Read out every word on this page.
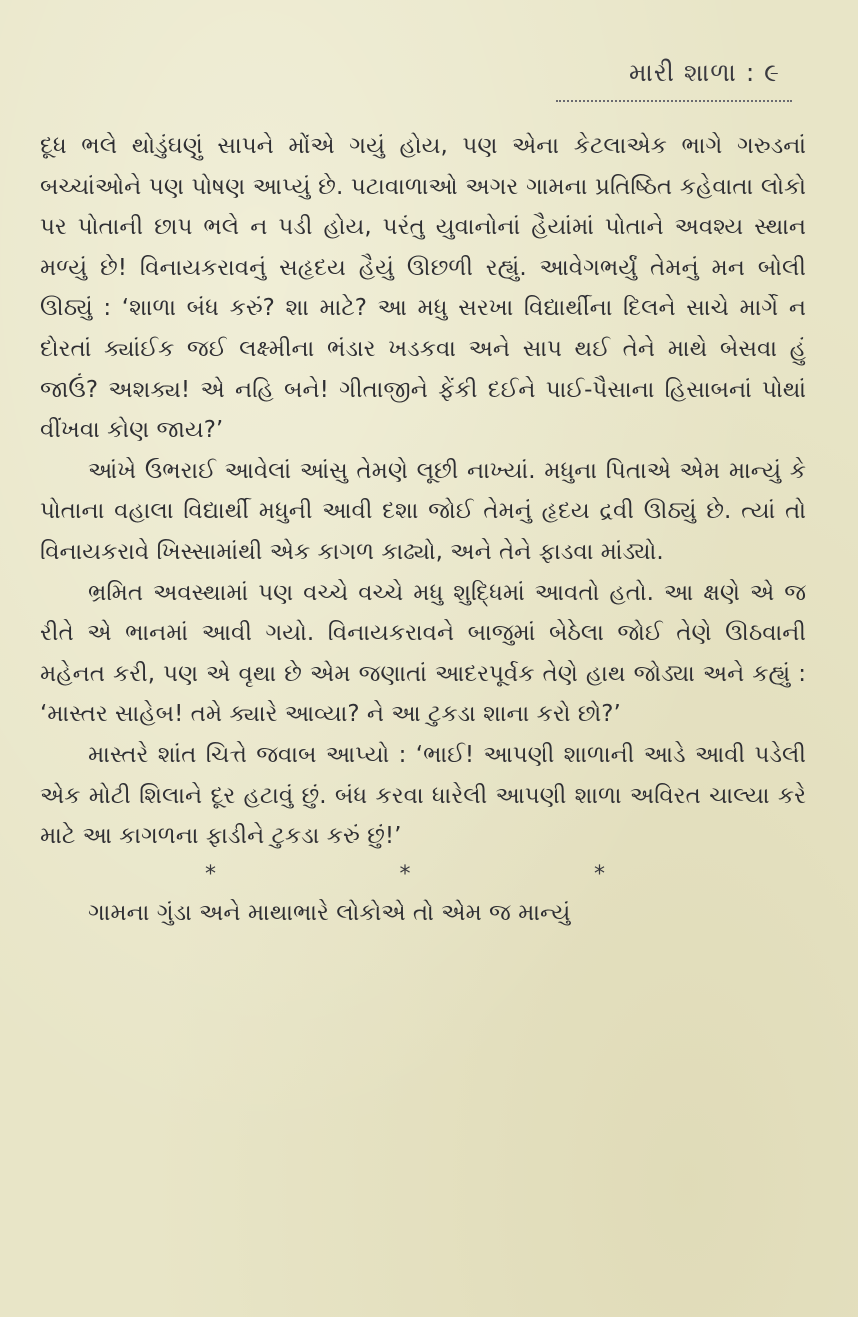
મારી શાળા : ૯

દૂધ ભલે થોડુંઘણું સાપને મોંએ ગયું હોય, પણ એના કેટલાએક ભાગે ગરુડનાં બચ્ચાંઓને પણ પોષણ આપ્યું છે. પટાવાળાઓ અગર ગામના પ્રતિષ્ઠિત કહેવાતા લોકો પર પોતાની છાપ ભલે ન પડી હોય, પરંતુ યુવાનોનાં હૈયાંમાં પોતાને અવશ્ય સ્થાન મળ્યું છે! વિનાયકરાવનું સહૃદય હૈયું ઊછળી રહ્યું. આવેગભર્યું તેમનું મન બોલી ઊઠ્યું : ‘શાળા બંધ કરું? શા માટે? આ મધુ સરખા વિદ્યાર્થીના દિલને સાચે માર્ગે ન દોરતાં ક્યાંઈક જઈ લક્ષ્મીના ભંડાર ખડકવા અને સાપ થઈ તેને માથે બેસવા હું જાઉં? અશક્ય! એ નહિ બને! ગીતાજીને ફેંકી દઈને પાઈ-પૈસાના હિસાબનાં પોથાં વીંખવા કોણ જાય?’

આંખે ઉભરાઈ આવેલાં આંસુ તેમણે લૂછી નાખ્યાં. મધુના પિતાએ એમ માન્યું કે પોતાના વહાલા વિદ્યાર્થી મધુની આવી દશા જોઈ તેમનું હૃદય દ્રવી ઊઠ્યું છે. ત્યાં તો વિનાયકરાવે ખિસ્સામાંથી એક કાગળ કાઢ્યો, અને તેને ફાડવા માંડ્યો.

ભ્રમિત અવસ્થામાં પણ વચ્ચે વચ્ચે મધુ શુદ્ધિમાં આવતો હતો. આ ક્ષણે એ જ રીતે એ ભાનમાં આવી ગયો. વિનાયકરાવને બાજુમાં બેઠેલા જોઈ તેણે ઊઠવાની મહેનત કરી, પણ એ વૃથા છે એમ જણાતાં આદરપૂર્વક તેણે હાથ જોડ્યા અને કહ્યું : ‘માસ્તર સાહેબ! તમે ક્યારે આવ્યા? ને આ ટુકડા શાના કરો છો?’

માસ્તરે શાંત ચિત્તે જવાબ આપ્યો : ‘ભાઈ! આપણી શાળાની આડે આવી પડેલી એક મોટી શિલાને દૂર હટાવું છું. બંધ કરવા ધારેલી આપણી શાળા અવિરત ચાલ્યા કરે માટે આ કાગળના ફાડીને ટુકડા કરું છું!’

*	*	*

ગામના ગુંડા અને માથાભારે લોકોએ તો એમ જ માન્યું
